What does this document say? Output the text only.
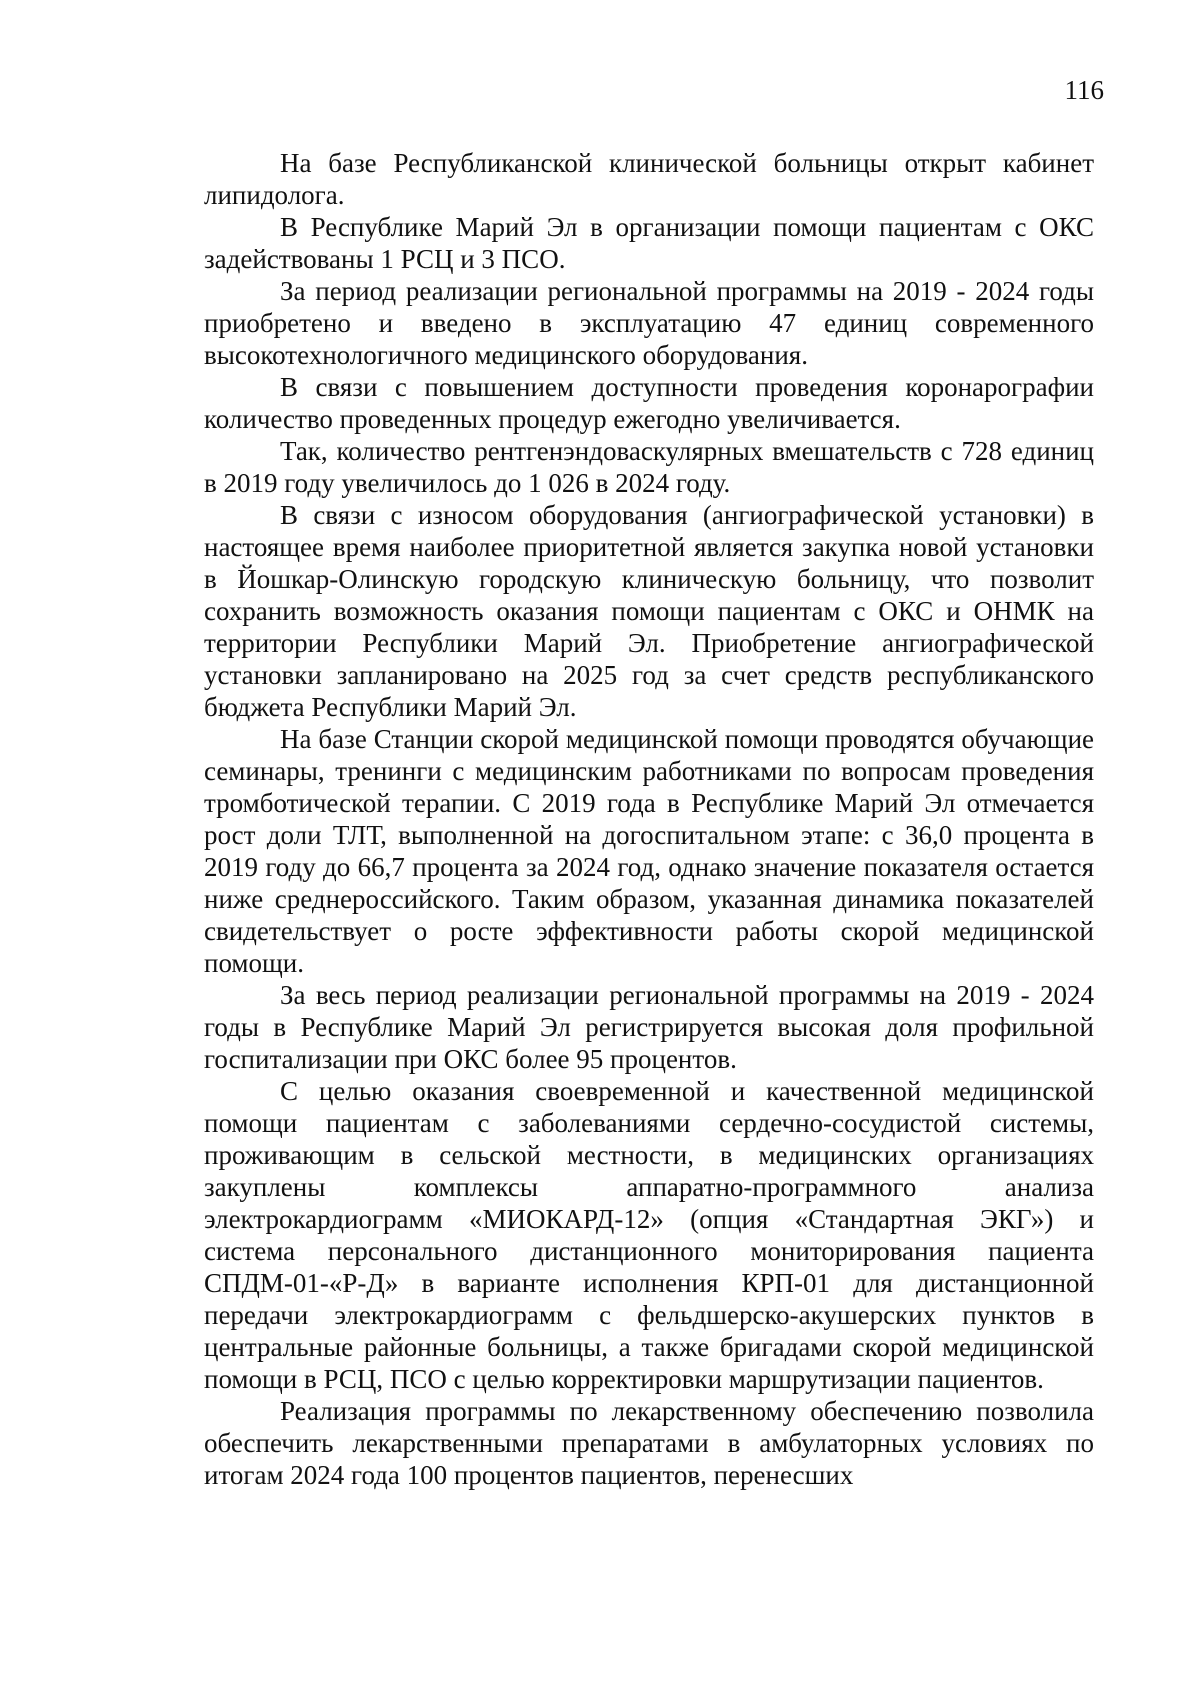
116

На базе Республиканской клинической больницы открыт кабинет липидолога.

В Республике Марий Эл в организации помощи пациентам с ОКС задействованы 1 РСЦ и 3 ПСО.

За период реализации региональной программы на 2019 - 2024 годы приобретено и введено в эксплуатацию 47 единиц современного высокотехнологичного медицинского оборудования.

В связи с повышением доступности проведения коронарографии количество проведенных процедур ежегодно увеличивается.

Так, количество рентгенэндоваскулярных вмешательств с 728 единиц в 2019 году увеличилось до 1 026 в 2024 году.

В связи с износом оборудования (ангиографической установки) в настоящее время наиболее приоритетной является закупка новой установки в Йошкар-Олинскую городскую клиническую больницу, что позволит сохранить возможность оказания помощи пациентам с ОКС и ОНМК на территории Республики Марий Эл. Приобретение ангиографической установки запланировано на 2025 год за счет средств республиканского бюджета Республики Марий Эл.

На базе Станции скорой медицинской помощи проводятся обучающие семинары, тренинги с медицинским работниками по вопросам проведения тромботической терапии. С 2019 года в Республике Марий Эл отмечается рост доли ТЛТ, выполненной на догоспитальном этапе: с 36,0 процента в 2019 году до 66,7 процента за 2024 год, однако значение показателя остается ниже среднероссийского. Таким образом, указанная динамика показателей свидетельствует о росте эффективности работы скорой медицинской помощи.

За весь период реализации региональной программы на 2019 - 2024 годы в Республике Марий Эл регистрируется высокая доля профильной госпитализации при ОКС более 95 процентов.

С целью оказания своевременной и качественной медицинской помощи пациентам с заболеваниями сердечно-сосудистой системы, проживающим в сельской местности, в медицинских организациях закуплены комплексы аппаратно-программного анализа электрокардиограмм «МИОКАРД-12» (опция «Стандартная ЭКГ») и система персонального дистанционного мониторирования пациента СПДМ-01-«Р-Д» в варианте исполнения КРП-01 для дистанционной передачи электрокардиограмм с фельдшерско-акушерских пунктов в центральные районные больницы, а также бригадами скорой медицинской помощи в РСЦ, ПСО с целью корректировки маршрутизации пациентов.

Реализация программы по лекарственному обеспечению позволила обеспечить лекарственными препаратами в амбулаторных условиях по итогам 2024 года 100 процентов пациентов, перенесших
